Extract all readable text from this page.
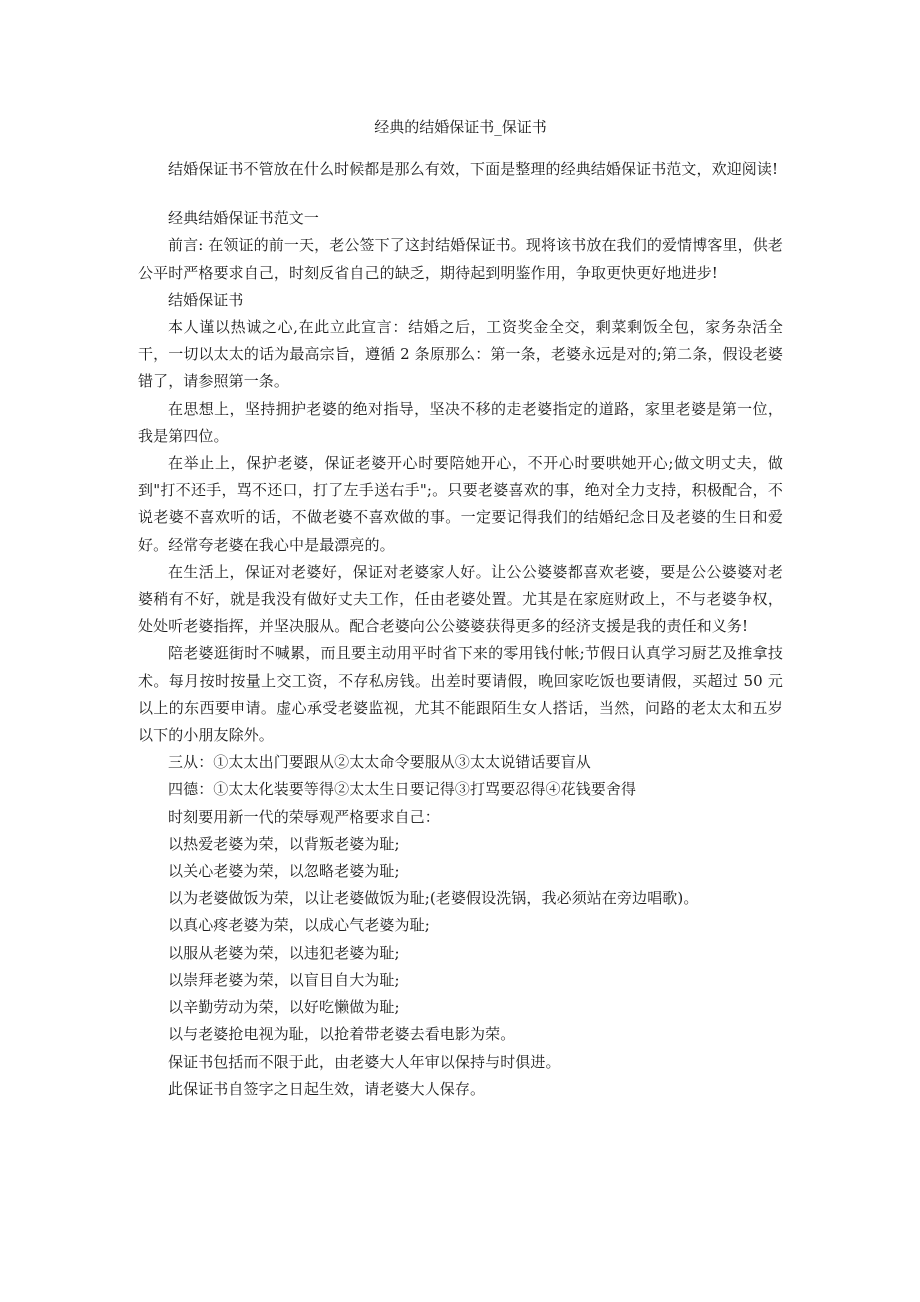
经典的结婚保证书_保证书

结婚保证书不管放在什么时候都是那么有效，下面是整理的经典结婚保证书范文，欢迎阅读!

经典结婚保证书范文一

前言: 在领证的前一天，老公签下了这封结婚保证书。现将该书放在我们的爱情博客里，供老公平时严格要求自己，时刻反省自己的缺乏，期待起到明鉴作用，争取更快更好地进步!

结婚保证书

本人谨以热诚之心,在此立此宣言：结婚之后，工资奖金全交，剩菜剩饭全包，家务杂活全干，一切以太太的话为最高宗旨，遵循 2 条原那么：第一条，老婆永远是对的;第二条，假设老婆错了，请参照第一条。

在思想上，坚持拥护老婆的绝对指导，坚决不移的走老婆指定的道路，家里老婆是第一位，我是第四位。

在举止上，保护老婆，保证老婆开心时要陪她开心，不开心时要哄她开心;做文明丈夫，做到"打不还手，骂不还口，打了左手送右手";。只要老婆喜欢的事，绝对全力支持，积极配合，不说老婆不喜欢听的话，不做老婆不喜欢做的事。一定要记得我们的结婚纪念日及老婆的生日和爱好。经常夸老婆在我心中是最漂亮的。

在生活上，保证对老婆好，保证对老婆家人好。让公公婆婆都喜欢老婆，要是公公婆婆对老婆稍有不好，就是我没有做好丈夫工作，任由老婆处置。尤其是在家庭财政上，不与老婆争权，处处听老婆指挥，并坚决服从。配合老婆向公公婆婆获得更多的经济支援是我的责任和义务!

陪老婆逛街时不喊累，而且要主动用平时省下来的零用钱付帐;节假日认真学习厨艺及推拿技术。每月按时按量上交工资，不存私房钱。出差时要请假，晚回家吃饭也要请假，买超过 50 元以上的东西要申请。虚心承受老婆监视，尤其不能跟陌生女人搭话，当然，问路的老太太和五岁以下的小朋友除外。

三从：①太太出门要跟从②太太命令要服从③太太说错话要盲从

四德：①太太化装要等得②太太生日要记得③打骂要忍得④花钱要舍得

时刻要用新一代的荣辱观严格要求自己：

以热爱老婆为荣，以背叛老婆为耻;

以关心老婆为荣，以忽略老婆为耻;

以为老婆做饭为荣，以让老婆做饭为耻;(老婆假设洗锅，我必须站在旁边唱歌)。

以真心疼老婆为荣，以成心气老婆为耻;

以服从老婆为荣，以违犯老婆为耻;

以崇拜老婆为荣，以盲目自大为耻;

以辛勤劳动为荣，以好吃懒做为耻;

以与老婆抢电视为耻，以抢着带老婆去看电影为荣。

保证书包括而不限于此，由老婆大人年审以保持与时俱进。

此保证书自签字之日起生效，请老婆大人保存。
